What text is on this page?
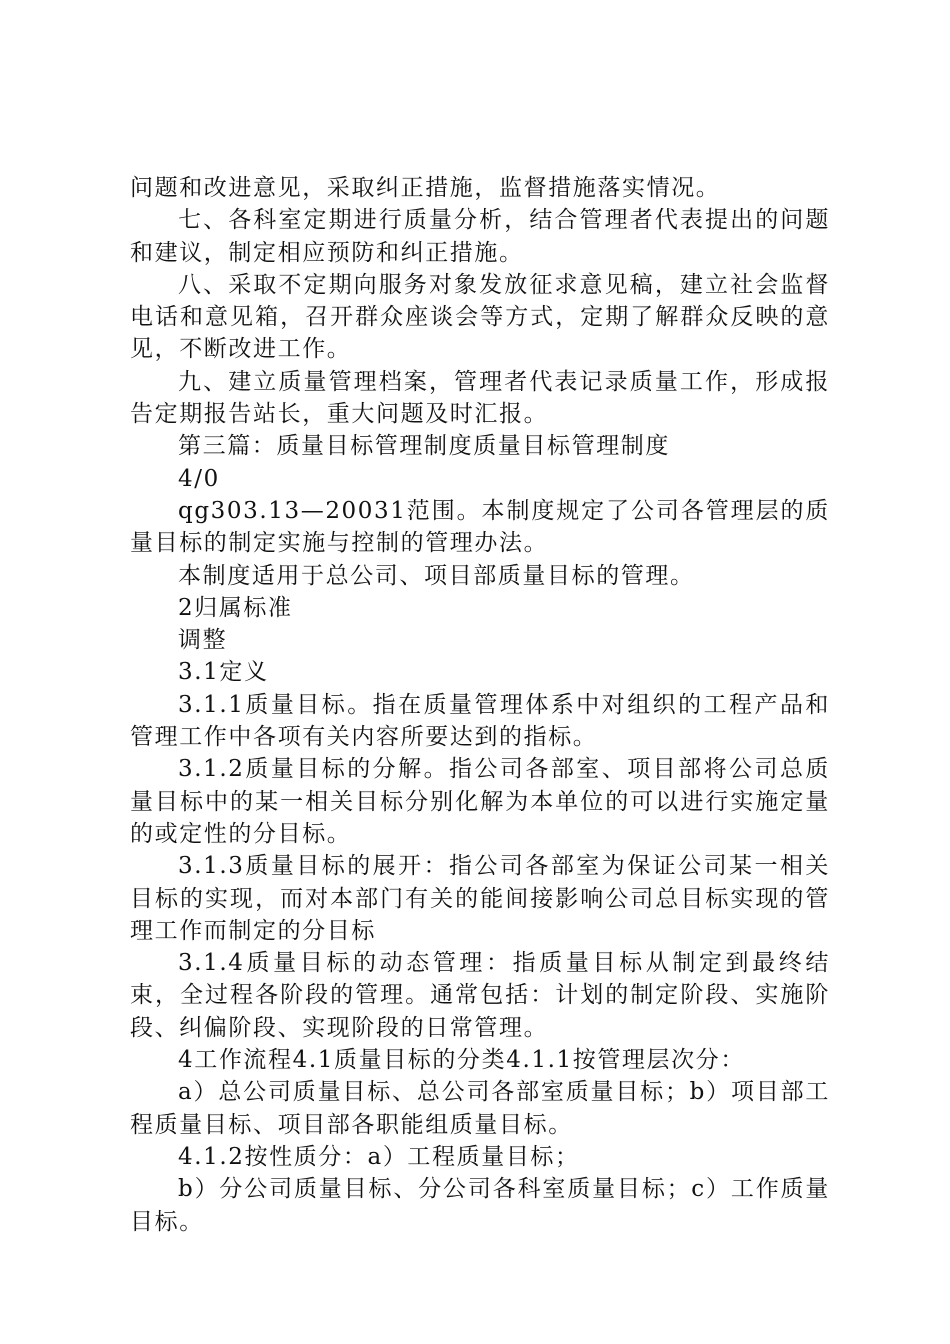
问题和改进意见，采取纠正措施，监督措施落实情况。

七、各科室定期进行质量分析，结合管理者代表提出的问题和建议，制定相应预防和纠正措施。

八、采取不定期向服务对象发放征求意见稿，建立社会监督电话和意见箱，召开群众座谈会等方式，定期了解群众反映的意见，不断改进工作。

九、建立质量管理档案，管理者代表记录质量工作，形成报告定期报告站长，重大问题及时汇报。

第三篇：质量目标管理制度质量目标管理制度

4/0

qg303.13—20031范围。本制度规定了公司各管理层的质量目标的制定实施与控制的管理办法。

本制度适用于总公司、项目部质量目标的管理。

2归属标准

调整

3.1定义

3.1.1质量目标。指在质量管理体系中对组织的工程产品和管理工作中各项有关内容所要达到的指标。

3.1.2质量目标的分解。指公司各部室、项目部将公司总质量目标中的某一相关目标分别化解为本单位的可以进行实施定量的或定性的分目标。

3.1.3质量目标的展开：指公司各部室为保证公司某一相关目标的实现，而对本部门有关的能间接影响公司总目标实现的管理工作而制定的分目标

3.1.4质量目标的动态管理：指质量目标从制定到最终结束，全过程各阶段的管理。通常包括：计划的制定阶段、实施阶段、纠偏阶段、实现阶段的日常管理。

4工作流程4.1质量目标的分类4.1.1按管理层次分：

a）总公司质量目标、总公司各部室质量目标；b）项目部工程质量目标、项目部各职能组质量目标。

4.1.2按性质分：a）工程质量目标；

b）分公司质量目标、分公司各科室质量目标；c）工作质量目标。
